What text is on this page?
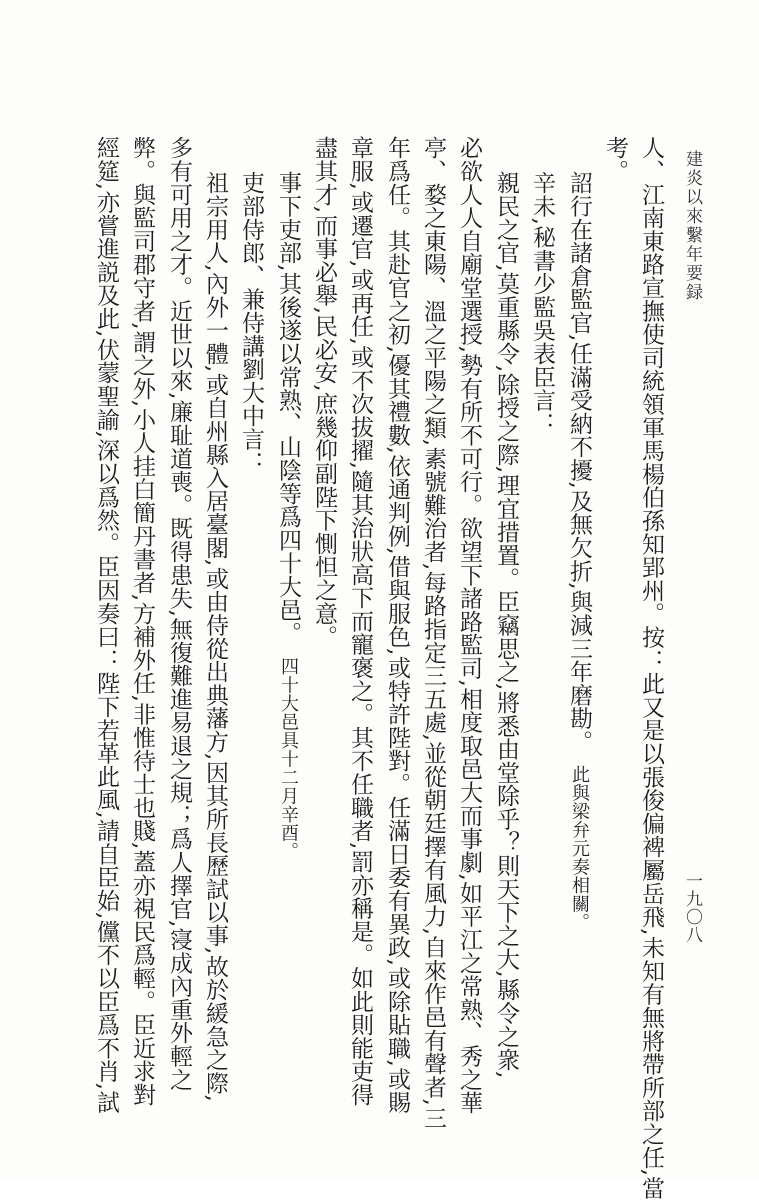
建炎以來繫年要録
一九〇八
人、江南東路宣撫使司統領軍馬楊伯孫知郢州。按：此又是以張俊偏裨屬岳飛,未知有無將帶所部之任,當
考。
詔行在諸倉監官,任滿受納不擾,及無欠折,與減三年磨勘。此與梁弁元奏相關。
辛未,秘書少監吳表臣言：
親民之官,莫重縣令,除授之際,理宜措置。臣竊思之,將悉由堂除乎？則天下之大,縣令之衆,
必欲人人自廟堂選授,勢有所不可行。欲望下諸路監司,相度取邑大而事劇,如平江之常熟、秀之華
亭、婺之東陽、溫之平陽之類,素號難治者,每路指定三五處,並從朝廷擇有風力,自來作邑有聲者,三
年爲任。其赴官之初,優其禮數,依通判例,借與服色,或特許陛對。任滿日委有異政,或除貼職,或賜
章服,或遷官,或再任,或不次拔擢,隨其治狀高下而寵褒之。其不任職者,罰亦稱是。如此則能吏得
盡其才,而事必舉,民必安,庶幾仰副陛下惻怛之意。
事下吏部,其後遂以常熟、山陰等爲四十大邑。四十大邑具十二月辛酉。
吏部侍郎、兼侍講劉大中言：
祖宗用人,內外一體,或自州縣入居臺閣,或由侍從出典藩方,因其所長歷試以事,故於緩急之際,
多有可用之才。近世以來,廉耻道喪。既得患失,無復難進易退之規；爲人擇官,寖成內重外輕之
弊。與監司郡守者,謂之外,小人挂白簡丹書者,方補外任,非惟待士也賤,蓋亦視民爲輕。臣近求對
經筵,亦嘗進説及此,伏蒙聖諭,深以爲然。臣因奏曰：陛下若革此風,請自臣始,儻不以臣爲不肖,試
